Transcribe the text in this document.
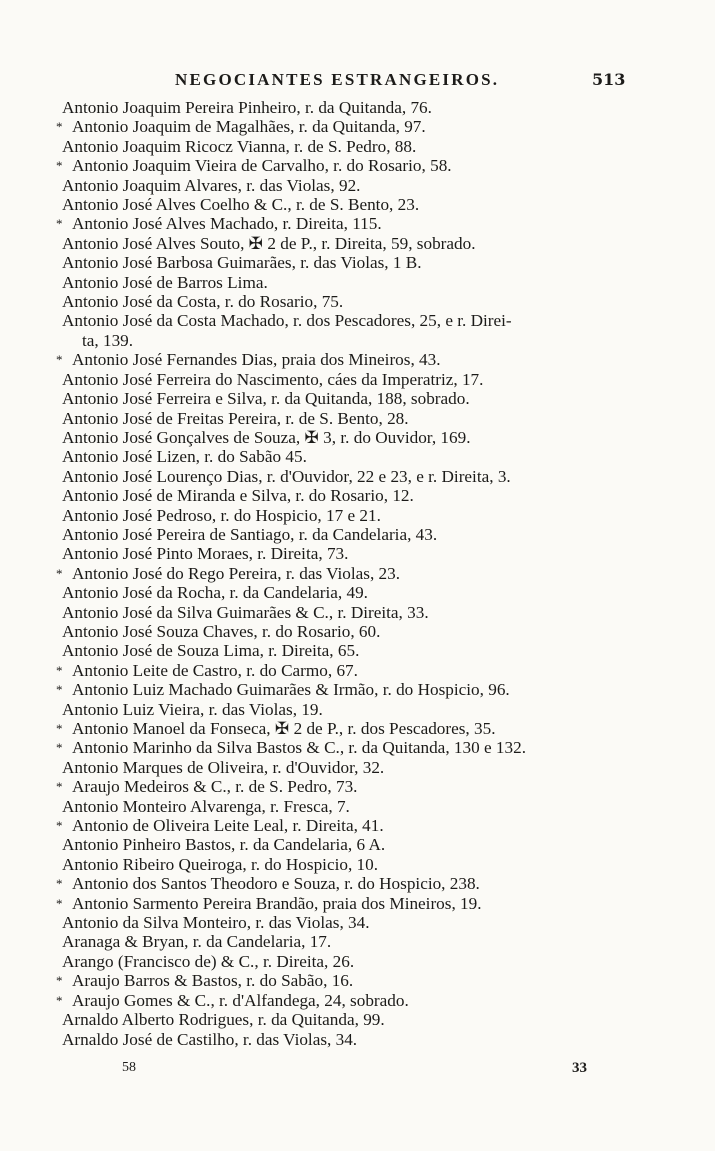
NEGOCIANTES ESTRANGEIROS.	513
Antonio Joaquim Pereira Pinheiro, r. da Quitanda, 76.
* Antonio Joaquim de Magalhães, r. da Quitanda, 97.
Antonio Joaquim Ricocz Vianna, r. de S. Pedro, 88.
* Antonio Joaquim Vieira de Carvalho, r. do Rosario, 58.
Antonio Joaquim Alvares, r. das Violas, 92.
Antonio José Alves Coelho & C., r. de S. Bento, 23.
* Antonio José Alves Machado, r. Direita, 115.
Antonio José Alves Souto, ✠ 2 de P., r. Direita, 59, sobrado.
Antonio José Barbosa Guimarães, r. das Violas, 1 B.
Antonio José de Barros Lima.
Antonio José da Costa, r. do Rosario, 75.
Antonio José da Costa Machado, r. dos Pescadores, 25, e r. Direi-
ta, 139.
* Antonio José Fernandes Dias, praia dos Mineiros, 43.
Antonio José Ferreira do Nascimento, cáes da Imperatriz, 17.
Antonio José Ferreira e Silva, r. da Quitanda, 188, sobrado.
Antonio José de Freitas Pereira, r. de S. Bento, 28.
Antonio José Gonçalves de Souza, ✠ 3, r. do Ouvidor, 169.
Antonio José Lizen, r. do Sabão 45.
Antonio José Lourenço Dias, r. d'Ouvidor, 22 e 23, e r. Direita, 3.
Antonio José de Miranda e Silva, r. do Rosario, 12.
Antonio José Pedroso, r. do Hospicio, 17 e 21.
Antonio José Pereira de Santiago, r. da Candelaria, 43.
Antonio José Pinto Moraes, r. Direita, 73.
* Antonio José do Rego Pereira, r. das Violas, 23.
Antonio José da Rocha, r. da Candelaria, 49.
Antonio José da Silva Guimarães & C., r. Direita, 33.
Antonio José Souza Chaves, r. do Rosario, 60.
Antonio José de Souza Lima, r. Direita, 65.
* Antonio Leite de Castro, r. do Carmo, 67.
* Antonio Luiz Machado Guimarães & Irmão, r. do Hospicio, 96.
Antonio Luiz Vieira, r. das Violas, 19.
* Antonio Manoel da Fonseca, ✠ 2 de P., r. dos Pescadores, 35.
* Antonio Marinho da Silva Bastos & C., r. da Quitanda, 130 e 132.
Antonio Marques de Oliveira, r. d'Ouvidor, 32.
* Araujo Medeiros & C., r. de S. Pedro, 73.
Antonio Monteiro Alvarenga, r. Fresca, 7.
* Antonio de Oliveira Leite Leal, r. Direita, 41.
Antonio Pinheiro Bastos, r. da Candelaria, 6 A.
Antonio Ribeiro Queiroga, r. do Hospicio, 10.
* Antonio dos Santos Theodoro e Souza, r. do Hospicio, 238.
* Antonio Sarmento Pereira Brandão, praia dos Mineiros, 19.
Antonio da Silva Monteiro, r. das Violas, 34.
Aranaga & Bryan, r. da Candelaria, 17.
Arango (Francisco de) & C., r. Direita, 26.
* Araujo Barros & Bastos, r. do Sabão, 16.
* Araujo Gomes & C., r. d'Alfandega, 24, sobrado.
Arnaldo Alberto Rodrigues, r. da Quitanda, 99.
Arnaldo José de Castilho, r. das Violas, 34.
58	33
